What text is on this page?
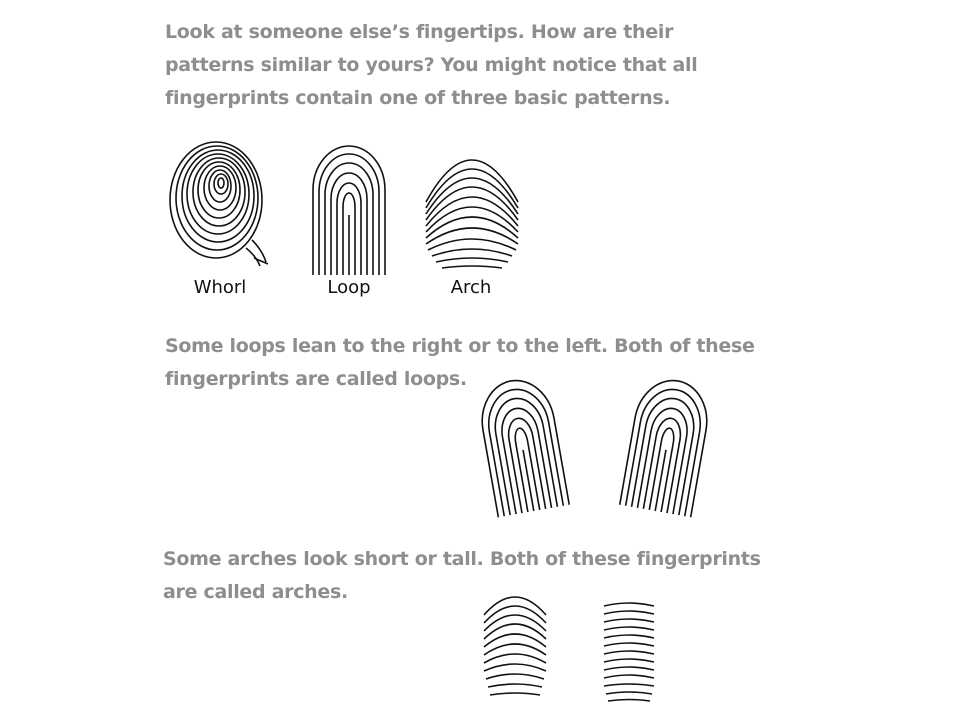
Look at someone else’s fingertips. How are their
patterns similar to yours? You might notice that all
fingerprints contain one of three basic patterns.
Whorl	Loop	Arch
Some loops lean to the right or to the left. Both of these
fingerprints are called loops.
Some arches look short or tall. Both of these fingerprints
are called arches.
